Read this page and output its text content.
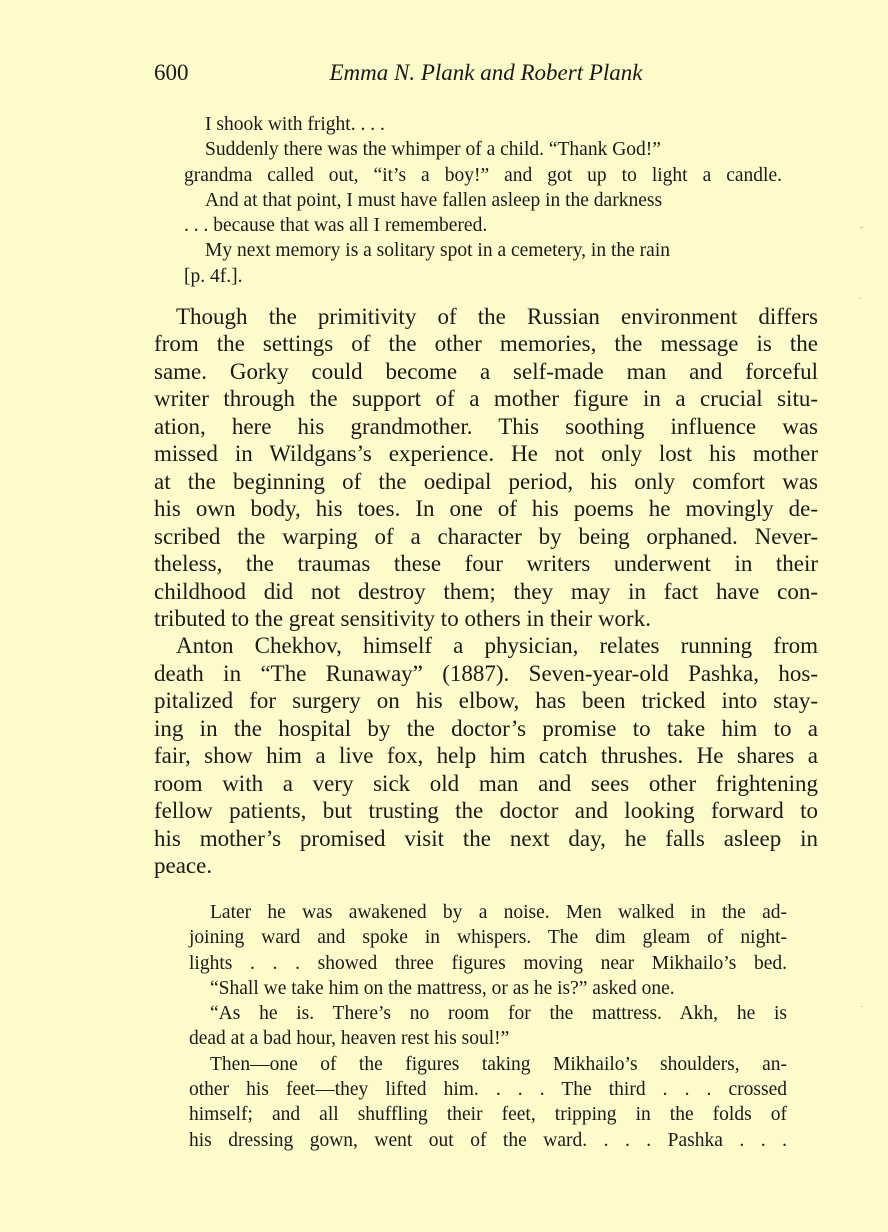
600	Emma N. Plank and Robert Plank
I shook with fright. . . .
Suddenly there was the whimper of a child. “Thank God!”
grandma called out, “it’s a boy!” and got up to light a candle.
And at that point, I must have fallen asleep in the darkness
. . . because that was all I remembered.
My next memory is a solitary spot in a cemetery, in the rain
[p. 4f.].
Though the primitivity of the Russian environment differs
from the settings of the other memories, the message is the
same. Gorky could become a self-made man and forceful
writer through the support of a mother figure in a crucial situ-
ation, here his grandmother. This soothing influence was
missed in Wildgans’s experience. He not only lost his mother
at the beginning of the oedipal period, his only comfort was
his own body, his toes. In one of his poems he movingly de-
scribed the warping of a character by being orphaned. Never-
theless, the traumas these four writers underwent in their
childhood did not destroy them; they may in fact have con-
tributed to the great sensitivity to others in their work.
Anton Chekhov, himself a physician, relates running from
death in “The Runaway” (1887). Seven-year-old Pashka, hos-
pitalized for surgery on his elbow, has been tricked into stay-
ing in the hospital by the doctor’s promise to take him to a
fair, show him a live fox, help him catch thrushes. He shares a
room with a very sick old man and sees other frightening
fellow patients, but trusting the doctor and looking forward to
his mother’s promised visit the next day, he falls asleep in
peace.
Later he was awakened by a noise. Men walked in the ad-
joining ward and spoke in whispers. The dim gleam of night-
lights . . . showed three figures moving near Mikhailo’s bed.
“Shall we take him on the mattress, or as he is?” asked one.
“As he is. There’s no room for the mattress. Akh, he is
dead at a bad hour, heaven rest his soul!”
Then—one of the figures taking Mikhailo’s shoulders, an-
other his feet—they lifted him. . . . The third . . . crossed
himself; and all shuffling their feet, tripping in the folds of
his dressing gown, went out of the ward. . . . Pashka . . .
-
·
·
